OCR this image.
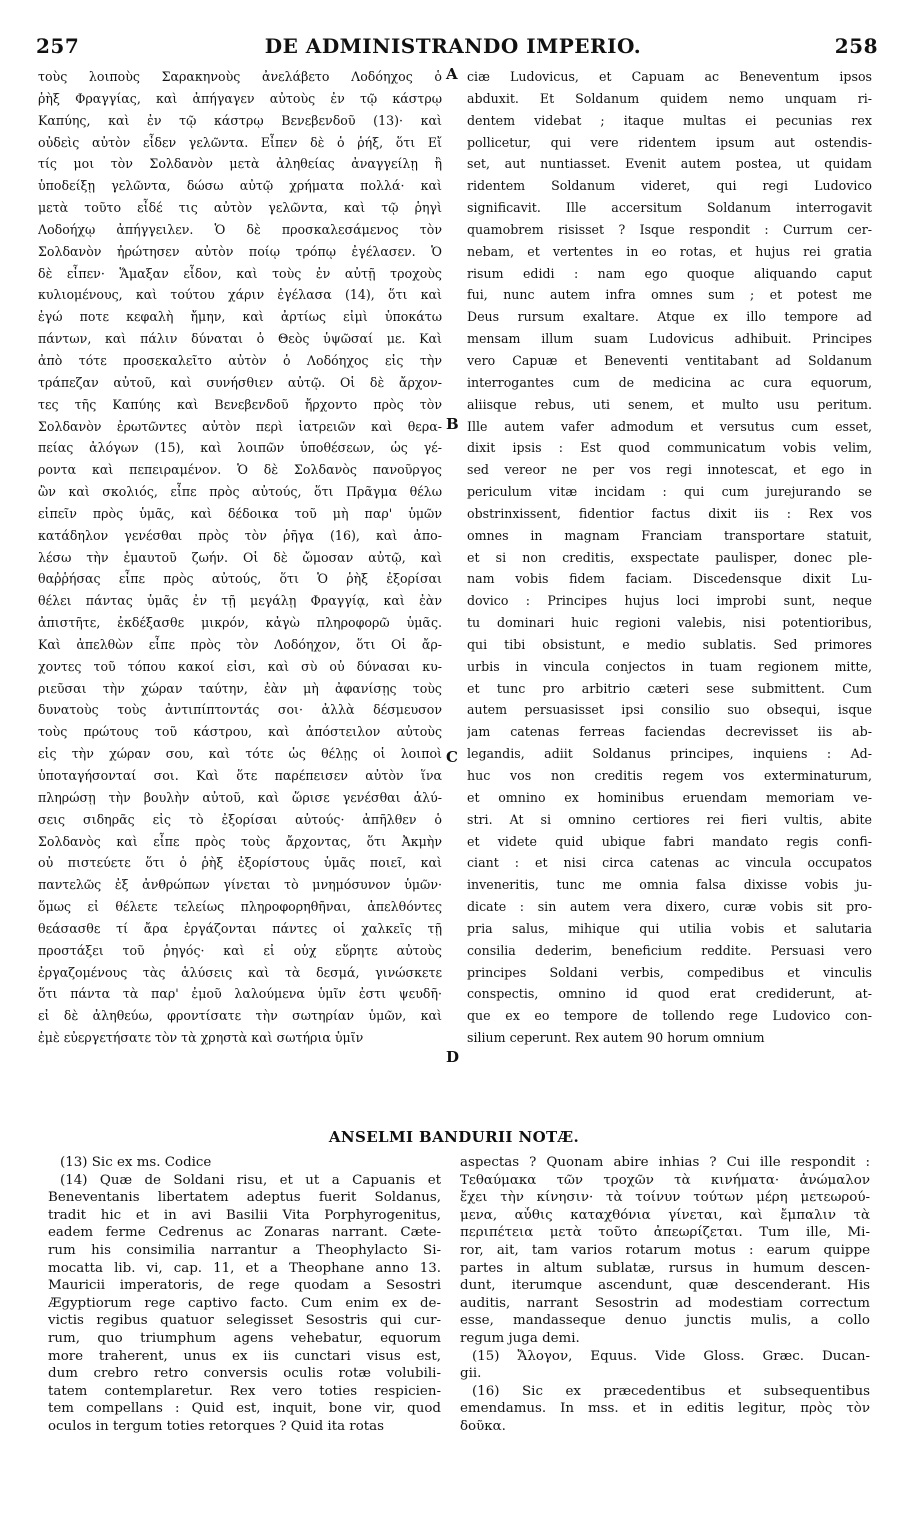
257	DE ADMINISTRANDO IMPERIO.	258
τοὺς λοιποὺς Σαρακηνοὺς ἀνελάβετο Λοδόηχος ὁ
ῥὴξ Φραγγίας, καὶ ἀπήγαγεν αὐτοὺς ἐν τῷ κάστρῳ
Καπύης, καὶ ἐν τῷ κάστρῳ Βενεβενδοῦ (13)· καὶ
οὐδεὶς αὐτὸν εἶδεν γελῶντα. Εἶπεν δὲ ὁ ῥήξ, ὅτι Εἴ
τίς μοι τὸν Σολδανὸν μετὰ ἀληθείας ἀναγγείλῃ ἢ
ὑποδείξῃ γελῶντα, δώσω αὐτῷ χρήματα πολλά· καὶ
μετὰ τοῦτο εἶδέ τις αὐτὸν γελῶντα, καὶ τῷ ῥηγὶ
Λοδοήχῳ ἀπήγγειλεν. Ὁ δὲ προσκαλεσάμενος τὸν
Σολδανὸν ἠρώτησεν αὐτὸν ποίῳ τρόπῳ ἐγέλασεν. Ὁ
δὲ εἶπεν· Ἅμαξαν εἶδον, καὶ τοὺς ἐν αὐτῇ τροχοὺς
κυλιομένους, καὶ τούτου χάριν ἐγέλασα (14), ὅτι καὶ
ἐγώ ποτε κεφαλὴ ἤμην, καὶ ἀρτίως εἰμὶ ὑποκάτω
πάντων, καὶ πάλιν δύναται ὁ Θεὸς ὑψῶσαί με. Καὶ
ἀπὸ τότε προσεκαλεῖτο αὐτὸν ὁ Λοδόηχος εἰς τὴν
τράπεζαν αὐτοῦ, καὶ συνήσθιεν αὐτῷ. Οἱ δὲ ἄρχον-
τες τῆς Καπύης καὶ Βενεβενδοῦ ἤρχοντο πρὸς τὸν
Σολδανὸν ἐρωτῶντες αὐτὸν περὶ ἰατρειῶν καὶ θερα-
πείας ἀλόγων (15), καὶ λοιπῶν ὑποθέσεων, ὡς γέ-
ροντα καὶ πεπειραμένον. Ὁ δὲ Σολδανὸς πανοῦργος
ὢν καὶ σκολιός, εἶπε πρὸς αὐτούς, ὅτι Πρᾶγμα θέλω
εἰπεῖν πρὸς ὑμᾶς, καὶ δέδοικα τοῦ μὴ παρ' ὑμῶν
κατάδηλον γενέσθαι πρὸς τὸν ῥῆγα (16), καὶ ἀπο-
λέσω τὴν ἐμαυτοῦ ζωήν. Οἱ δὲ ὤμοσαν αὐτῷ, καὶ
θαῤῥήσας εἶπε πρὸς αὐτούς, ὅτι Ὁ ῥὴξ ἐξορίσαι
θέλει πάντας ὑμᾶς ἐν τῇ μεγάλῃ Φραγγίᾳ, καὶ ἐὰν
ἀπιστῆτε, ἐκδέξασθε μικρόν, κἀγὼ πληροφορῶ ὑμᾶς.
Καὶ ἀπελθὼν εἶπε πρὸς τὸν Λοδόηχον, ὅτι Οἱ ἄρ-
χοντες τοῦ τόπου κακοί εἰσι, καὶ σὺ οὐ δύνασαι κυ-
ριεῦσαι τὴν χώραν ταύτην, ἐὰν μὴ ἀφανίσῃς τοὺς
δυνατοὺς τοὺς ἀντιπίπτοντάς σοι· ἀλλὰ δέσμευσον
τοὺς πρώτους τοῦ κάστρου, καὶ ἀπόστειλον αὐτοὺς
εἰς τὴν χώραν σου, καὶ τότε ὡς θέλῃς οἱ λοιποὶ
ὑποταγήσονταί σοι. Καὶ ὅτε παρέπεισεν αὐτὸν ἵνα
πληρώσῃ τὴν βουλὴν αὐτοῦ, καὶ ὥρισε γενέσθαι ἁλύ-
σεις σιδηρᾶς εἰς τὸ ἐξορίσαι αὐτούς· ἀπῆλθεν ὁ
Σολδανὸς καὶ εἶπε πρὸς τοὺς ἄρχοντας, ὅτι Ἀκμὴν
οὐ πιστεύετε ὅτι ὁ ῥὴξ ἐξορίστους ὑμᾶς ποιεῖ, καὶ
παντελῶς ἐξ ἀνθρώπων γίνεται τὸ μνημόσυνον ὑμῶν·
ὅμως εἰ θέλετε τελείως πληροφορηθῆναι, ἀπελθόντες
θεάσασθε τί ἄρα ἐργάζονται πάντες οἱ χαλκεῖς τῇ
προστάξει τοῦ ῥηγός· καὶ εἰ οὐχ εὕρητε αὐτοὺς
ἐργαζομένους τὰς ἁλύσεις καὶ τὰ δεσμά, γινώσκετε
ὅτι πάντα τὰ παρ' ἐμοῦ λαλούμενα ὑμῖν ἐστι ψευδῆ·
εἰ δὲ ἀληθεύω, φροντίσατε τὴν σωτηρίαν ὑμῶν, καὶ
ἐμὲ εὐεργετήσατε τὸν τὰ χρηστὰ καὶ σωτήρια ὑμῖν
ciæ Ludovicus, et Capuam ac Beneventum ipsos
abduxit. Et Soldanum quidem nemo unquam ri-
dentem videbat ; itaque multas ei pecunias rex
pollicetur, qui vere ridentem ipsum aut ostendis-
set, aut nuntiasset. Evenit autem postea, ut quidam
ridentem Soldanum videret, qui regi Ludovico
significavit. Ille accersitum Soldanum interrogavit
quamobrem risisset ? Isque respondit : Currum cer-
nebam, et vertentes in eo rotas, et hujus rei gratia
risum edidi : nam ego quoque aliquando caput
fui, nunc autem infra omnes sum ; et potest me
Deus rursum exaltare. Atque ex illo tempore ad
mensam illum suam Ludovicus adhibuit. Principes
vero Capuæ et Beneventi ventitabant ad Soldanum
interrogantes cum de medicina ac cura equorum,
aliisque rebus, uti senem, et multo usu peritum.
Ille autem vafer admodum et versutus cum esset,
dixit ipsis : Est quod communicatum vobis velim,
sed vereor ne per vos regi innotescat, et ego in
periculum vitæ incidam : qui cum jurejurando se
obstrinxissent, fidentior factus dixit iis : Rex vos
omnes in magnam Franciam transportare statuit,
et si non creditis, exspectate paulisper, donec ple-
nam vobis fidem faciam. Discedensque dixit Lu-
dovico : Principes hujus loci improbi sunt, neque
tu dominari huic regioni valebis, nisi potentioribus,
qui tibi obsistunt, e medio sublatis. Sed primores
urbis in vincula conjectos in tuam regionem mitte,
et tunc pro arbitrio cæteri sese submittent. Cum
autem persuasisset ipsi consilio suo obsequi, isque
jam catenas ferreas faciendas decrevisset iis ab-
legandis, adiit Soldanus principes, inquiens : Ad-
huc vos non creditis regem vos exterminaturum,
et omnino ex hominibus eruendam memoriam ve-
stri. At si omnino certiores rei fieri vultis, abite
et videte quid ubique fabri mandato regis confi-
ciant : et nisi circa catenas ac vincula occupatos
inveneritis, tunc me omnia falsa dixisse vobis ju-
dicate : sin autem vera dixero, curæ vobis sit pro-
pria salus, mihique qui utilia vobis et salutaria
consilia dederim, beneficium reddite. Persuasi vero
principes Soldani verbis, compedibus et vinculis
conspectis, omnino id quod erat crediderunt, at-
que ex eo tempore de tollendo rege Ludovico con-
silium ceperunt. Rex autem 90 horum omnium
A
B
C
D
ANSELMI BANDURII NOTÆ.
(13) Sic ex ms. Codice
(14) Quæ de Soldani risu, et ut a Capuanis et
Beneventanis libertatem adeptus fuerit Soldanus,
tradit hic et in avi Basilii Vita Porphyrogenitus,
eadem ferme Cedrenus ac Zonaras narrant. Cæte-
rum his consimilia narrantur a Theophylacto Si-
mocatta lib. vi, cap. 11, et a Theophane anno 13.
Mauricii imperatoris, de rege quodam a Sesostri
Ægyptiorum rege captivo facto. Cum enim ex de-
victis regibus quatuor selegisset Sesostris qui cur-
rum, quo triumphum agens vehebatur, equorum
more traherent, unus ex iis cunctari visus est,
dum crebro retro conversis oculis rotæ volubili-
tatem contemplaretur. Rex vero toties respicien-
tem compellans : Quid est, inquit, bone vir, quod
oculos in tergum toties retorques ? Quid ita rotas
aspectas ? Quonam abire inhias ? Cui ille respondit :
Τεθαύμακα τῶν τροχῶν τὰ κινήματα· ἀνώμαλον
ἔχει τὴν κίνησιν· τὰ τοίνυν τούτων μέρη μετεωρού-
μενα, αὖθις καταχθόνια γίνεται, καὶ ἔμπαλιν τὰ
περιπέτεια μετὰ τοῦτο ἀπεωρίζεται. Tum ille, Mi-
ror, ait, tam varios rotarum motus : earum quippe
partes in altum sublatæ, rursus in humum descen-
dunt, iterumque ascendunt, quæ descenderant. His
auditis, narrant Sesostrin ad modestiam correctum
esse, mandasseque denuo junctis mulis, a collo
regum juga demi.
(15) Ἄλογον, Equus. Vide Gloss. Græc. Ducan-
gii.
(16) Sic ex præcedentibus et subsequentibus
emendamus. In mss. et in editis legitur, πρὸς τὸν
δοῦκα.
